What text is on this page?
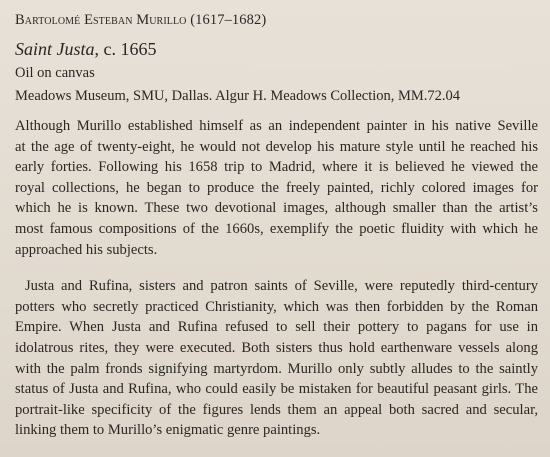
Bartolomé Esteban Murillo (1617–1682)

Saint Justa, c. 1665

Oil on canvas

Meadows Museum, SMU, Dallas. Algur H. Meadows Collection, MM.72.04

Although Murillo established himself as an independent painter in his native Seville
at the age of twenty-eight, he would not develop his mature style until he reached his
early forties. Following his 1658 trip to Madrid, where it is believed he viewed the
royal collections, he began to produce the freely painted, richly colored images for
which he is known. These two devotional images, although smaller than the artist’s
most famous compositions of the 1660s, exemplify the poetic fluidity with which he
approached his subjects.
Justa and Rufina, sisters and patron saints of Seville, were reputedly third-century
potters who secretly practiced Christianity, which was then forbidden by the Roman
Empire. When Justa and Rufina refused to sell their pottery to pagans for use in
idolatrous rites, they were executed. Both sisters thus hold earthenware vessels along
with the palm fronds signifying martyrdom. Murillo only subtly alludes to the saintly
status of Justa and Rufina, who could easily be mistaken for beautiful peasant girls. The
portrait-like specificity of the figures lends them an appeal both sacred and secular,
linking them to Murillo’s enigmatic genre paintings.
